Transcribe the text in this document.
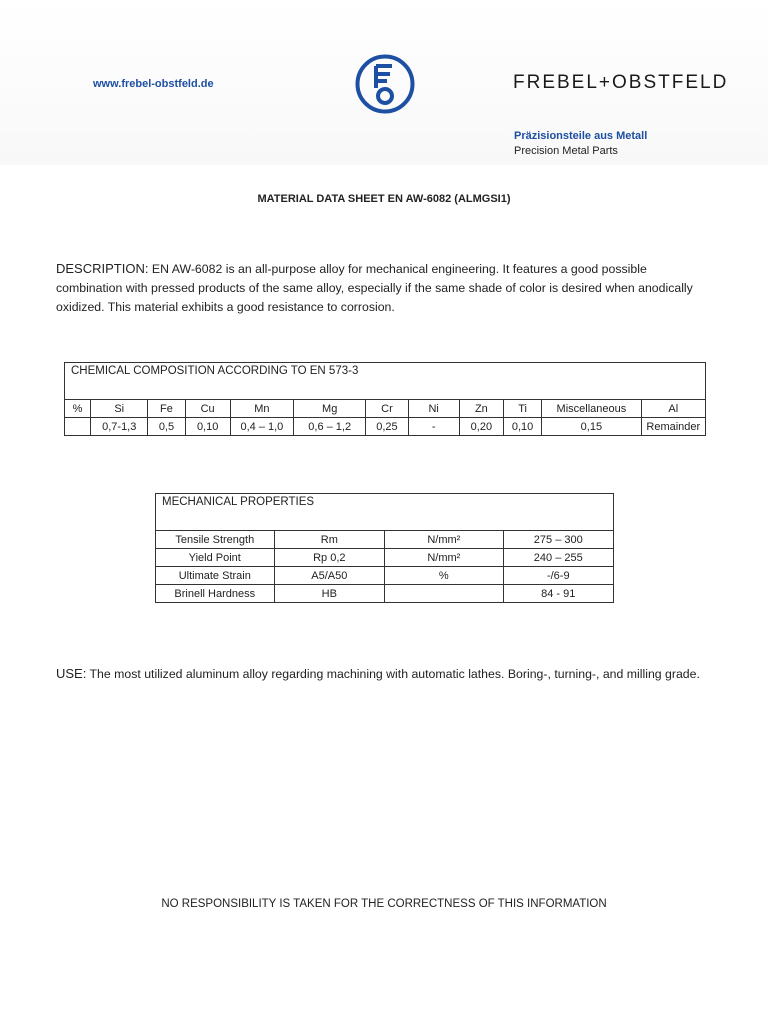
www.frebel-obstfeld.de	FREBEL+OBSTFELD
Präzisionsteile aus Metall
Precision Metal Parts
MATERIAL DATA SHEET EN AW-6082 (ALMGSI1)
DESCRIPTION: EN AW-6082 is an all-purpose alloy for mechanical engineering. It features a good possible combination with pressed products of the same alloy, especially if the same shade of color is desired when anodically oxidized. This material exhibits a good resistance to corrosion.
CHEMICAL COMPOSITION ACCORDING TO EN 573-3											
%	Si	Fe	Cu	Mn	Mg	Cr	Ni	Zn	Ti	Miscellaneous	Al
	0,7-1,3	0,5	0,10	0,4 – 1,0	0,6 – 1,2	0,25	-	0,20	0,10	0,15	Remainder
MECHANICAL PROPERTIES			
Tensile Strength	Rm	N/mm²	275 – 300
Yield Point	Rp 0,2	N/mm²	240 – 255
Ultimate Strain	A5/A50	%	-/6-9
Brinell Hardness	HB		84 - 91
USE: The most utilized aluminum alloy regarding machining with automatic lathes. Boring-, turning-, and milling grade.
NO RESPONSIBILITY IS TAKEN FOR THE CORRECTNESS OF THIS INFORMATION
